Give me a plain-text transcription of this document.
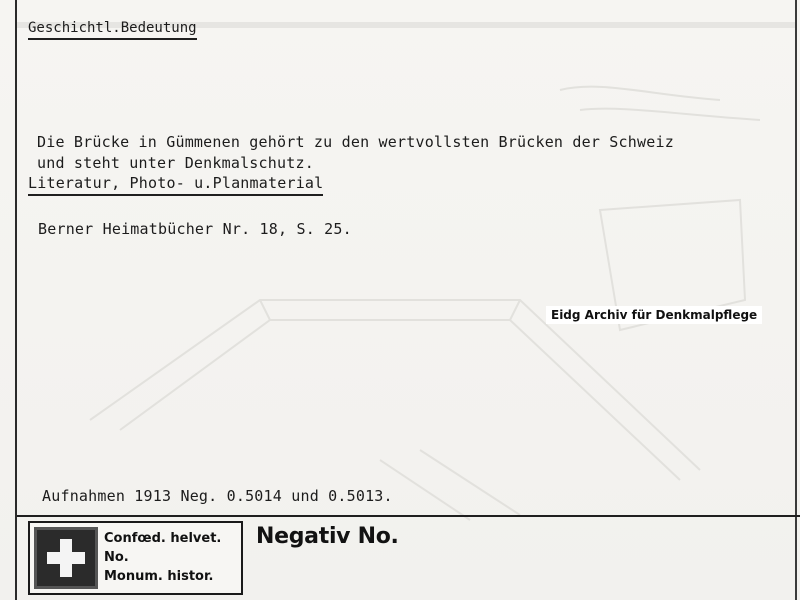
Geschichtl.Bedeutung
Die Brücke in Gümmenen gehört zu den wertvollsten Brücken der Schweiz
und steht unter Denkmalschutz.
Literatur, Photo- u.Planmaterial
Berner Heimatbücher Nr. 18, S. 25.
Eidg Archiv für Denkmalpflege
Aufnahmen 1913 Neg. 0.5014 und 0.5013.
Confœd. helvet.
No.
Monum. histor.
Negativ No.
